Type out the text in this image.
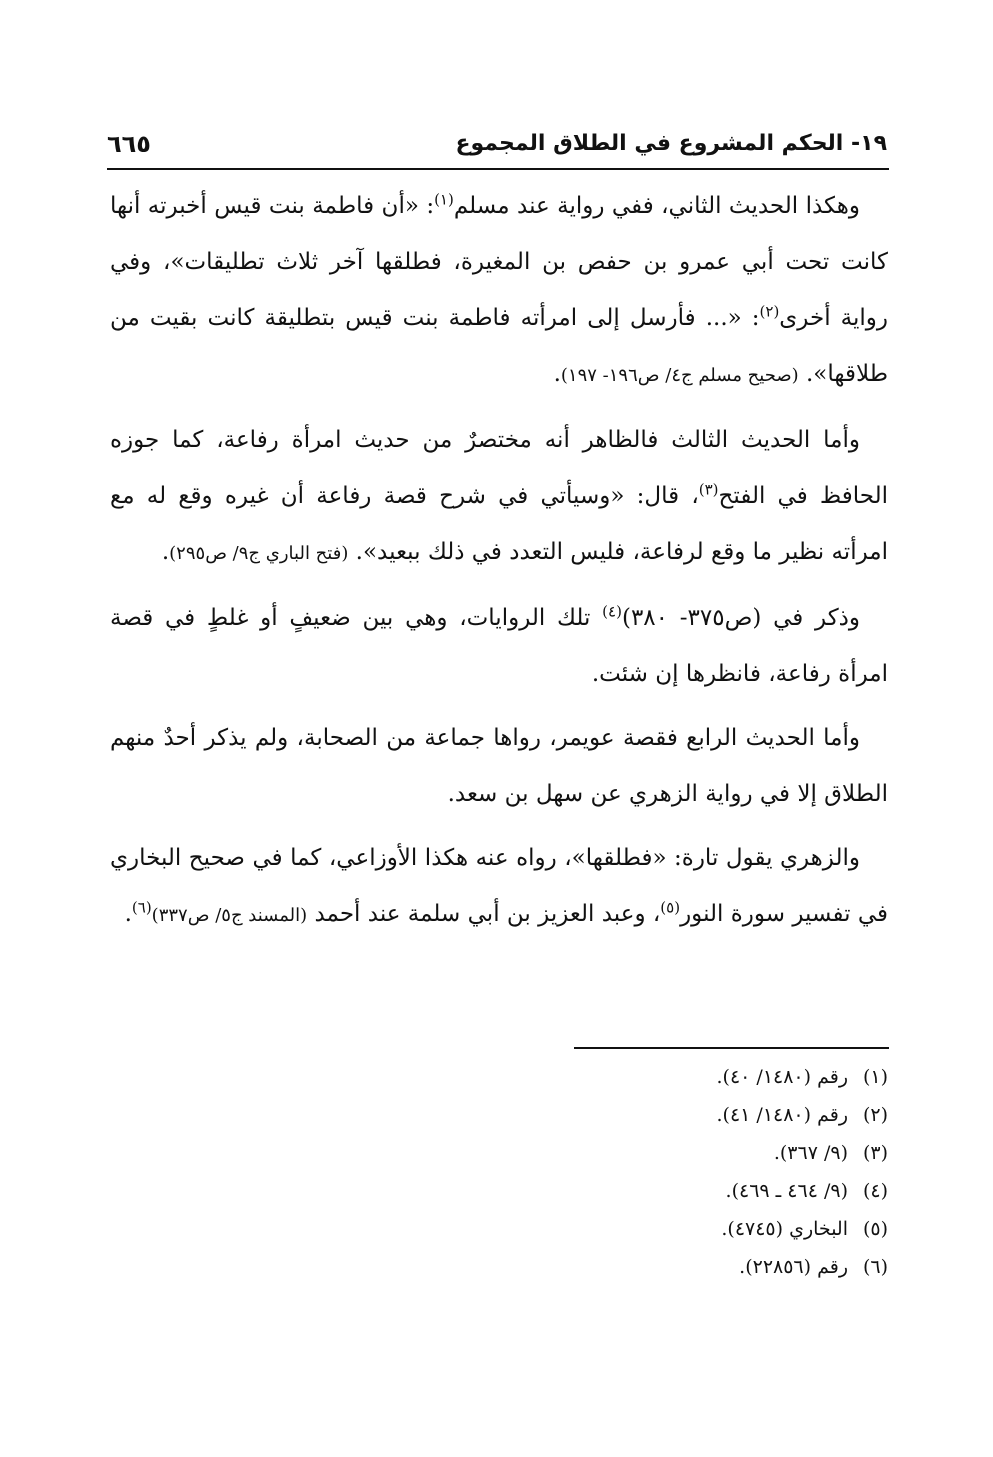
١٩- الحكم المشروع في الطلاق المجموع
٦٦٥

وهكذا الحديث الثاني، ففي رواية عند مسلم$^{(١)}$: «أن فاطمة بنت قيس أخبرته أنها كانت تحت أبي عمرو بن حفص بن المغيرة، فطلقها آخر ثلاث تطليقات»، وفي رواية أخرى$^{(٢)}$: «... فأرسل إلى امرأته فاطمة بنت قيس بتطليقة كانت بقيت من طلاقها». (صحيح مسلم ج٤/ ص١٩٦- ١٩٧).

وأما الحديث الثالث فالظاهر أنه مختصرٌ من حديث امرأة رفاعة، كما جوزه الحافظ في الفتح$^{(٣)}$، قال: «وسيأتي في شرح قصة رفاعة أن غيره وقع له مع امرأته نظير ما وقع لرفاعة، فليس التعدد في ذلك ببعيد». (فتح الباري ج٩/ ص٢٩٥).

وذكر في (ص٣٧٥- ٣٨٠)$^{(٤)}$ تلك الروايات، وهي بين ضعيفٍ أو غلطٍ في قصة امرأة رفاعة، فانظرها إن شئت.

وأما الحديث الرابع فقصة عويمر، رواها جماعة من الصحابة، ولم يذكر أحدٌ منهم الطلاق إلا في رواية الزهري عن سهل بن سعد.

والزهري يقول تارة: «فطلقها»، رواه عنه هكذا الأوزاعي، كما في صحيح البخاري في تفسير سورة النور$^{(٥)}$، وعبد العزيز بن أبي سلمة عند أحمد (المسند ج٥/ ص٣٣٧)$^{(٦)}$.

(١)
رقم (١٤٨٠/ ٤٠).
(٢)
رقم (١٤٨٠/ ٤١).
(٣)
(٩/ ٣٦٧).
(٤)
(٩/ ٤٦٤ ـ ٤٦٩).
(٥)
البخاري (٤٧٤٥).
(٦)
رقم (٢٢٨٥٦).
